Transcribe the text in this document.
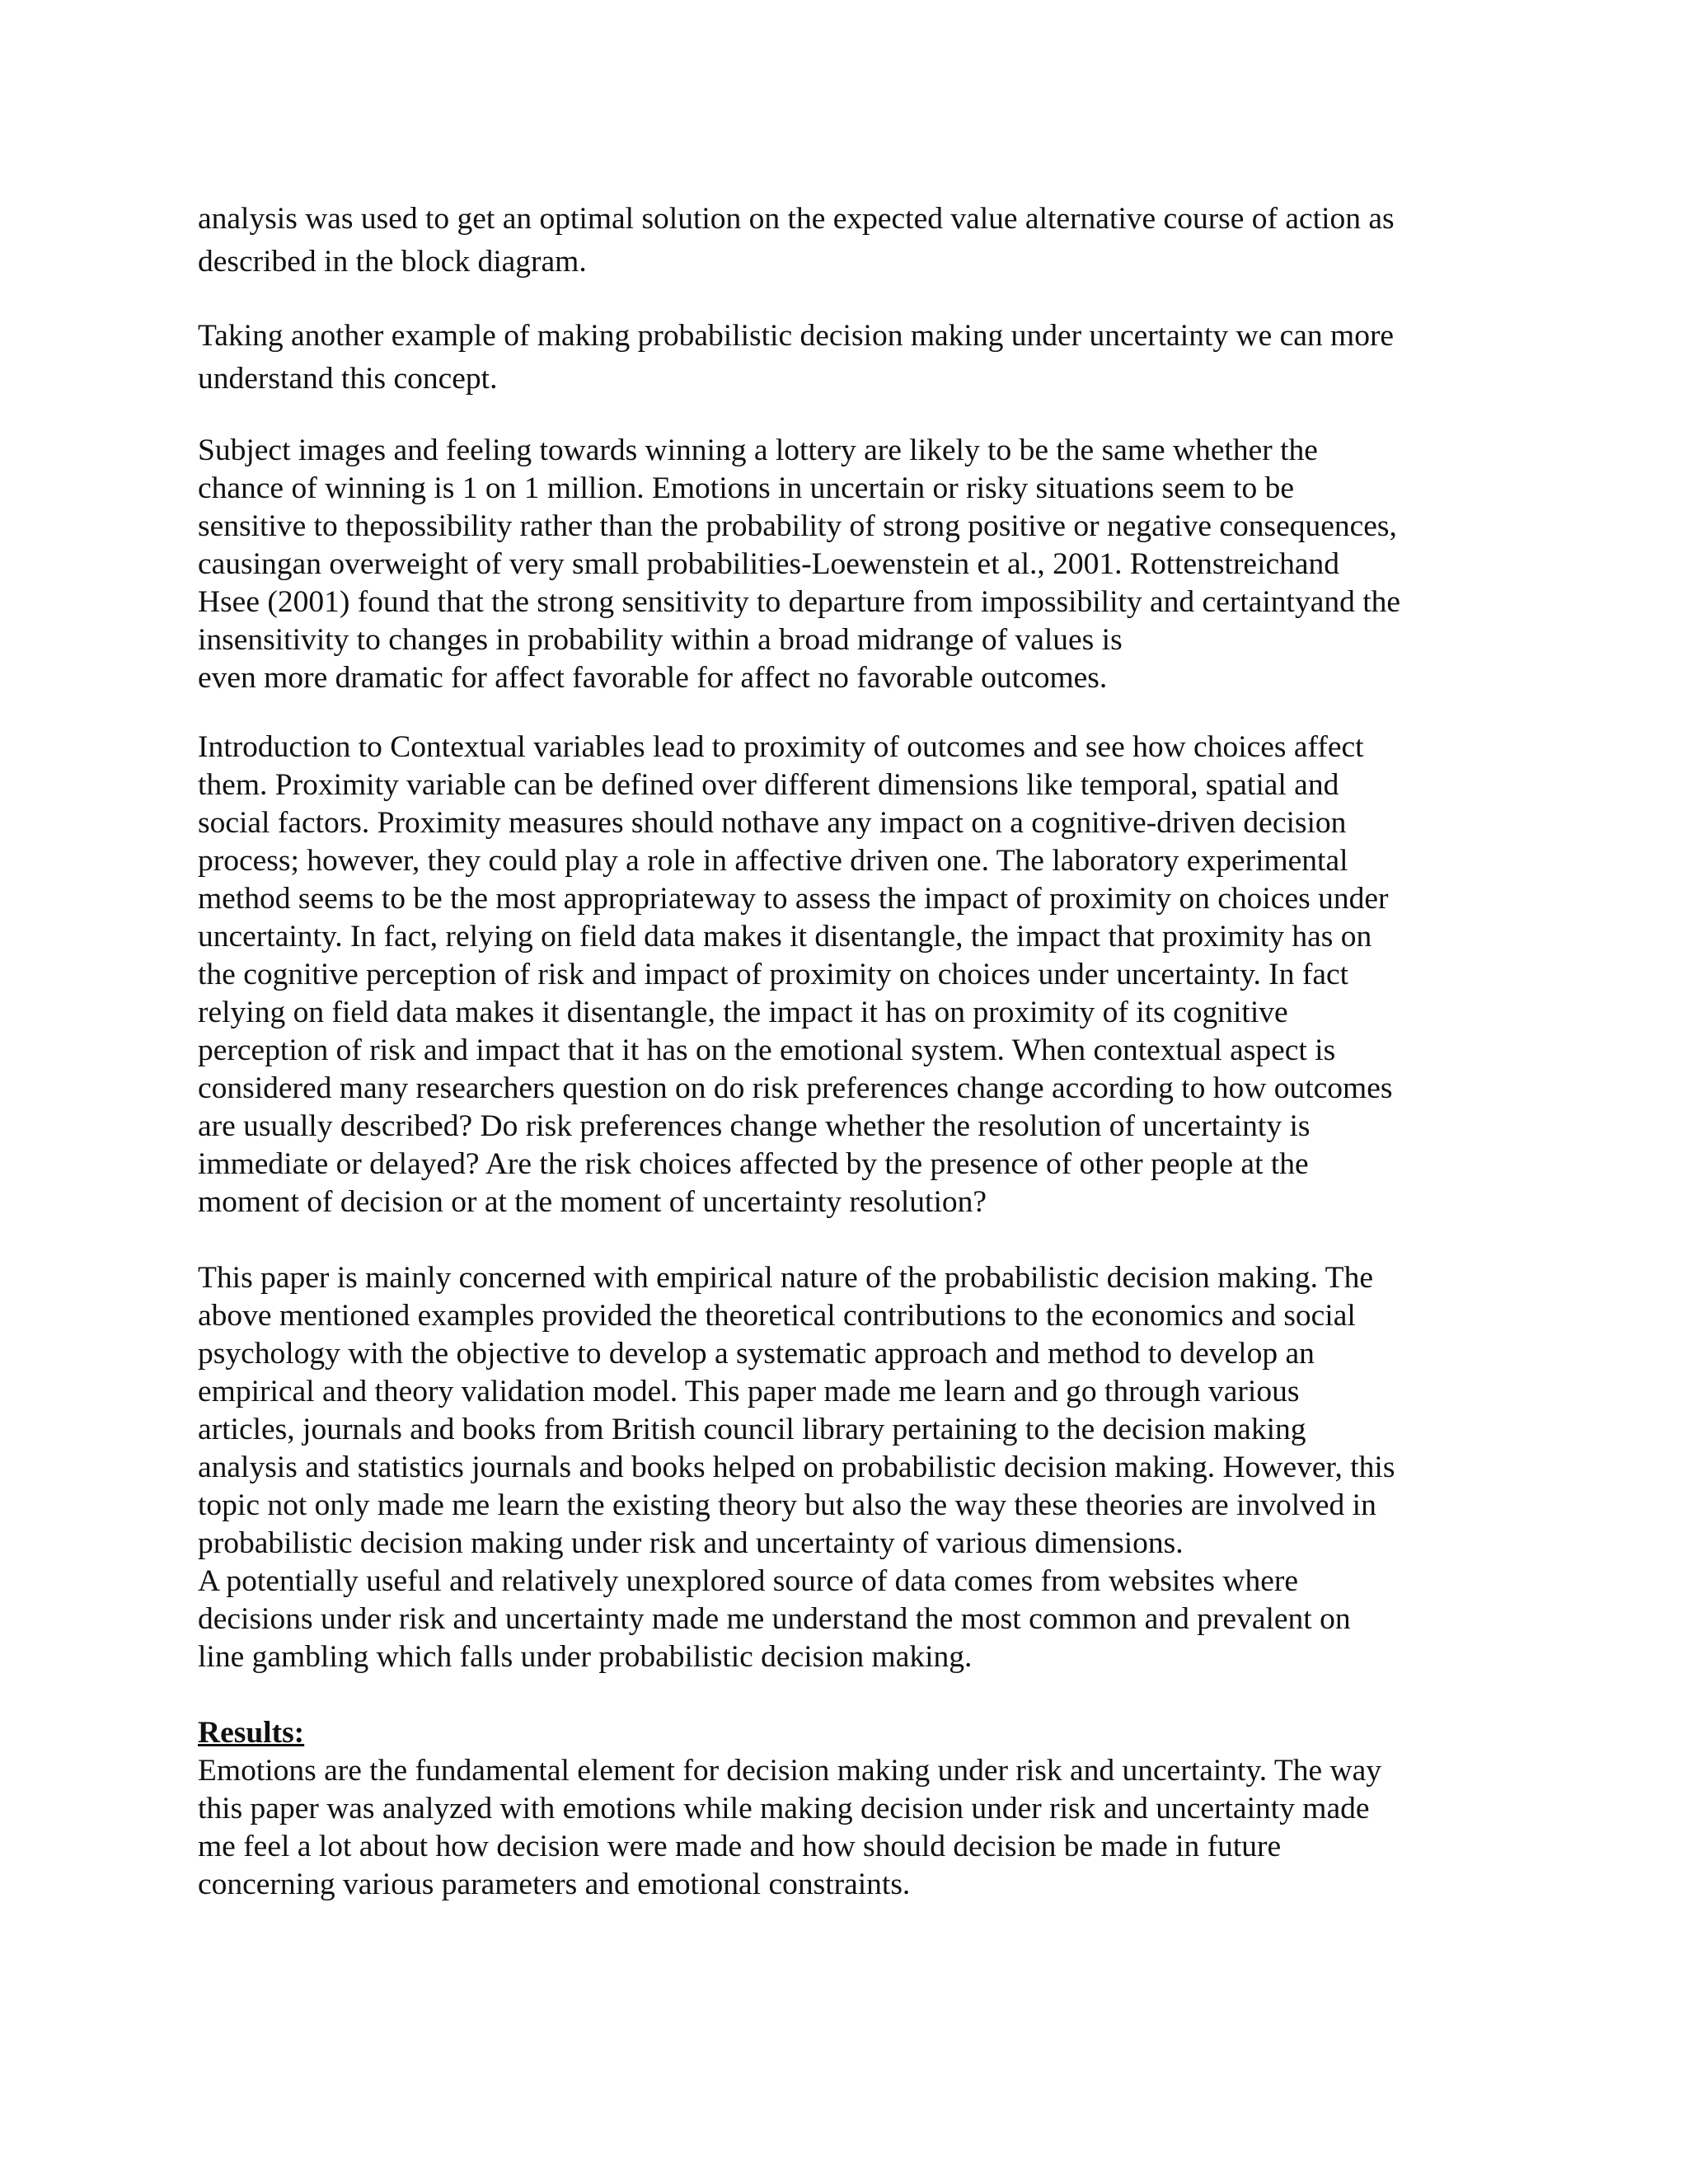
analysis was used to get an optimal solution on the expected value alternative course of action as
described in the block diagram.
Taking another example of making probabilistic decision making under uncertainty we can more
understand this concept.
Subject images and feeling towards winning a lottery are likely to be the same whether the
chance of winning is 1 on 1 million. Emotions in uncertain or risky situations seem to be
sensitive to thepossibility rather than the probability of strong positive or negative consequences,
causingan overweight of very small probabilities-Loewenstein et al., 2001. Rottenstreichand
Hsee (2001) found that the strong sensitivity to departure from impossibility and certaintyand the
insensitivity to changes in probability within a broad midrange of values is
even more dramatic for affect favorable for affect no favorable outcomes.
Introduction to Contextual variables lead to proximity of outcomes and see how choices affect
them. Proximity variable can be defined over different dimensions like temporal, spatial and
social factors. Proximity measures should nothave any impact on a cognitive-driven decision
process; however, they could play a role in affective driven one. The laboratory experimental
method seems to be the most appropriateway to assess the impact of proximity on choices under
uncertainty. In fact, relying on field data makes it disentangle, the impact that proximity has on
the cognitive perception of risk and impact of proximity on choices under uncertainty. In fact
relying on field data makes it disentangle, the impact it has on proximity of its cognitive
perception of risk and impact that it has on the emotional system. When contextual aspect is
considered many researchers question on do risk preferences change according to how outcomes
are usually described? Do risk preferences change whether the resolution of uncertainty is
immediate or delayed? Are the risk choices affected by the presence of other people at the
moment of decision or at the moment of uncertainty resolution?
This paper is mainly concerned with empirical nature of the probabilistic decision making. The
above mentioned examples provided the theoretical contributions to the economics and social
psychology with the objective to develop a systematic approach and method to develop an
empirical and theory validation model. This paper made me learn and go through various
articles, journals and books from British council library pertaining to the decision making
analysis and statistics journals and books helped on probabilistic decision making. However, this
topic not only made me learn the existing theory but also the way these theories are involved in
probabilistic decision making under risk and uncertainty of various dimensions.
A potentially useful and relatively unexplored source of data comes from websites where
decisions under risk and uncertainty made me understand the most common and prevalent on
line gambling which falls under probabilistic decision making.
Results:
Emotions are the fundamental element for decision making under risk and uncertainty. The way
this paper was analyzed with emotions while making decision under risk and uncertainty made
me feel a lot about how decision were made and how should decision be made in future
concerning various parameters and emotional constraints.
